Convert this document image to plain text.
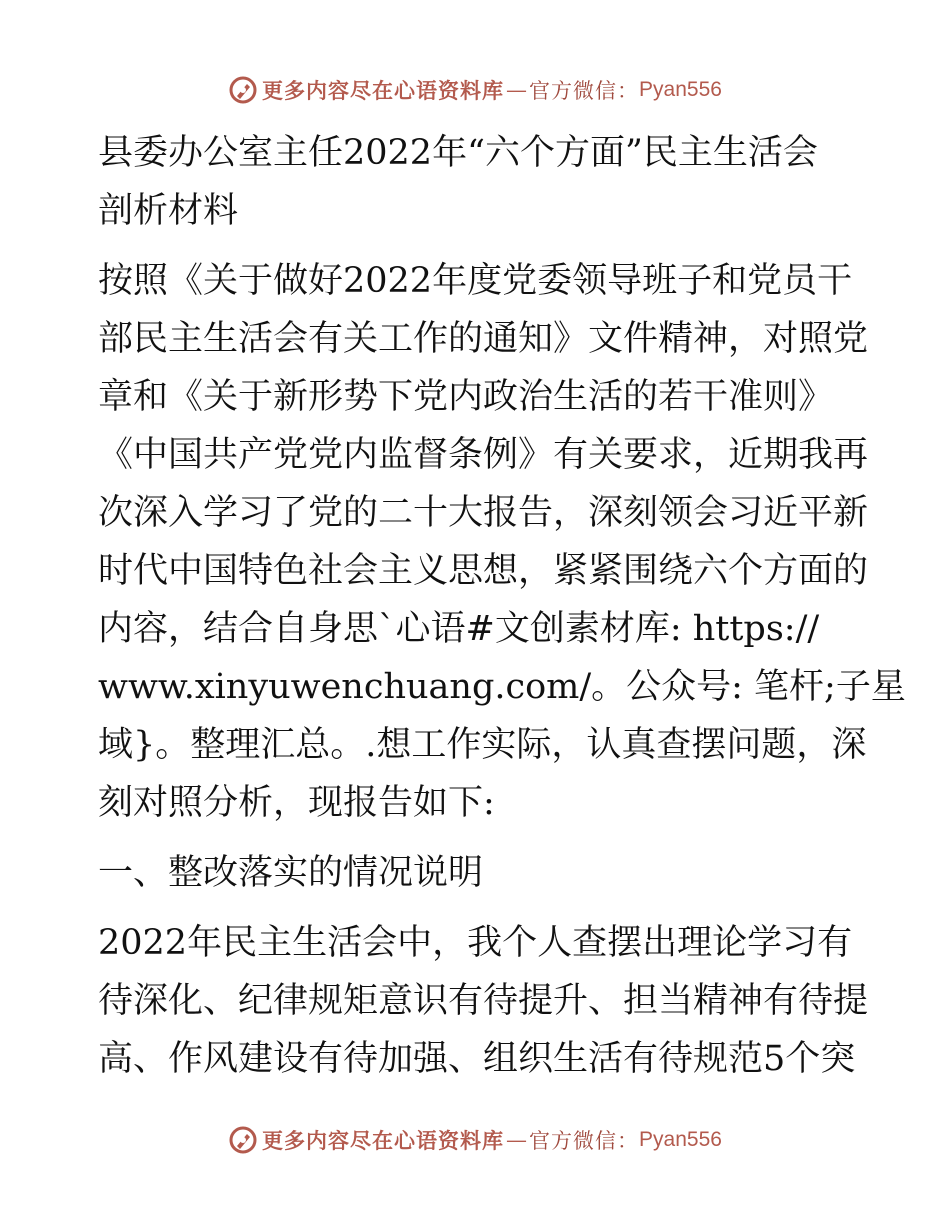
更多内容尽在心语资料库 — 官方微信： Pyan556

县委办公室主任2022年“六个方面”民主生活会

剖析材料

按照《关于做好2022年度党委领导班子和党员干

部民主生活会有关工作的通知》文件精神，对照党

章和《关于新形势下党内政治生活的若干准则》

《中国共产党党内监督条例》有关要求，近期我再

次深入学习了党的二十大报告，深刻领会习近平新

时代中国特色社会主义思想，紧紧围绕六个方面的

内容，结合自身思`心语#文创素材库: https://

www.xinyuwenchuang.com/。公众号: 笔杆;子星

域}。整理汇总。.想工作实际，认真查摆问题，深

刻对照分析，现报告如下:

一、整改落实的情况说明

2022年民主生活会中，我个人查摆出理论学习有

待深化、纪律规矩意识有待提升、担当精神有待提

高、作风建设有待加强、组织生活有待规范5个突

更多内容尽在心语资料库 — 官方微信： Pyan556
